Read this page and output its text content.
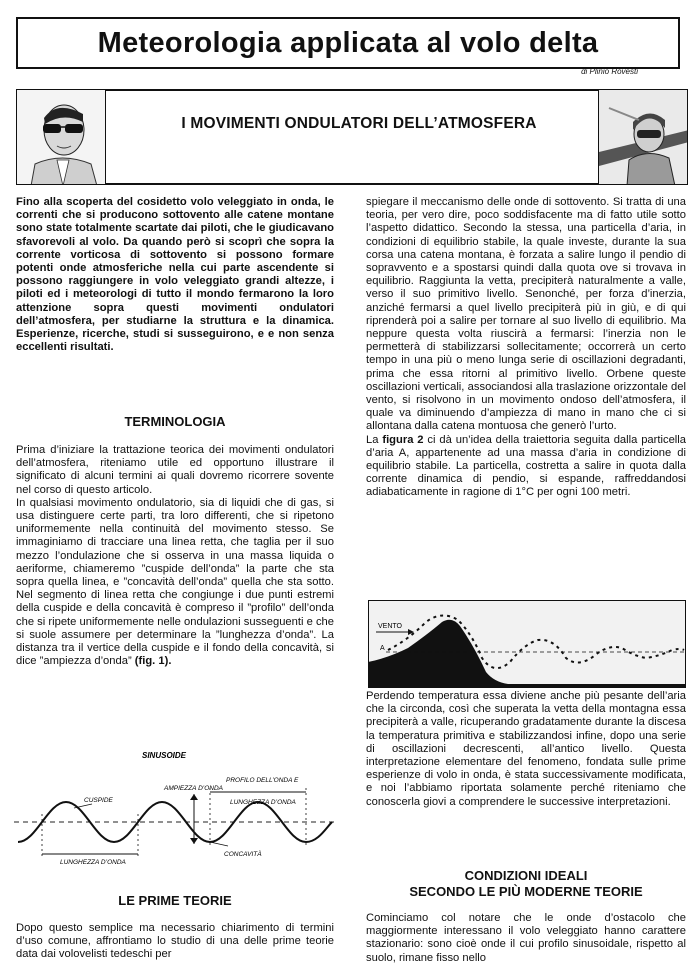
Meteorologia applicata al volo delta
di Plinio Rovesti
I MOVIMENTI ONDULATORI DELL’ATMOSFERA

Fino alla scoperta del cosidetto volo veleggiato in onda, le correnti che si producono sottovento alle catene montane sono state totalmente scartate dai piloti, che le giudicavano sfavorevoli al volo. Da quando però si scoprì che sopra la corrente vorticosa di sottovento si possono formare potenti onde atmosferiche nella cui parte ascendente si possono raggiungere in volo veleggiato grandi altezze, i piloti ed i meteorologi di tutto il mondo fermarono la loro attenzione sopra questi movimenti ondulatori dell’atmosfera, per studiarne la struttura e la dinamica. Esperienze, ricerche, studi si susseguirono, e e non senza eccellenti risultati.

TERMINOLOGIA

Prima d’iniziare la trattazione teorica dei movimenti ondulatori dell’atmosfera, riteniamo utile ed opportuno illustrare il significato di alcuni termini ai quali dovremo ricorrere sovente nel corso di questo articolo.

In qualsiasi movimento ondulatorio, sia di liquidi che di gas, si usa distinguere certe parti, tra loro differenti, che si ripetono uniformemente nella continuità del movimento stesso. Se immaginiamo di tracciare una linea retta, che taglia per il suo mezzo l’ondulazione che si osserva in una massa liquida o aeriforme, chiameremo ”cuspide dell’onda” la parte che sta sopra quella linea, e ”concavità dell’onda” quella che sta sotto. Nel segmento di linea retta che congiunge i due punti estremi della cuspide e della concavità è compreso il ”profilo” dell’onda che si ripete uniformemente nelle ondulazioni susseguenti e che si suole assumere per determinare la ”lunghezza d’onda”. La distanza tra il vertice della cuspide e il fondo della concavità, si dice ”ampiezza d’onda” (fig. 1).

SINUSOIDE
AMPIEZZA D’ONDA
PROFILO DELL’ONDA E
LUNGHEZZA D’ONDA
CUSPIDE
LUNGHEZZA D’ONDA
CONCAVITÀ
LE PRIME TEORIE

Dopo questo semplice ma necessario chiarimento di termini d’uso comune, affrontiamo lo studio di una delle prime teorie data dai volovelisti tedeschi per

spiegare il meccanismo delle onde di sottovento. Si tratta di una teoria, per vero dire, poco soddisfacente ma di fatto utile sotto l’aspetto didattico. Secondo la stessa, una particella d’aria, in condizioni di equilibrio stabile, la quale investe, durante la sua corsa una catena montana, è forzata a salire lungo il pendio di sopravvento e a spostarsi quindi dalla quota ove si trovava in equilibrio. Raggiunta la vetta, precipiterà naturalmente a valle, verso il suo primitivo livello. Senonché, per forza d’inerzia, anziché fermarsi a quel livello precipiterà più in giù, e di qui riprenderà poi a salire per tornare al suo livello di equilibrio. Ma neppure questa volta riuscirà a fermarsi: l’inerzia non le permetterà di stabilizzarsi sollecitamente; occorrerà un certo tempo in una più o meno lunga serie di oscillazioni degradanti, prima che essa ritorni al primitivo livello. Orbene queste oscillazioni verticali, associandosi alla traslazione orizzontale del vento, si risolvono in un movimento ondoso dell’atmosfera, il quale va diminuendo d’ampiezza di mano in mano che ci si allontana dalla catena montuosa che generò l’urto.

La figura 2 ci dà un’idea della traiettoria seguita dalla particella d’aria A, appartenente ad una massa d’aria in condizione di equilibrio stabile. La particella, costretta a salire in quota dalla corrente dinamica di pendio, si espande, raffreddandosi adiabaticamente in ragione di 1°C per ogni 100 metri.

VENTO
A

Perdendo temperatura essa diviene anche più pesante dell’aria che la circonda, così che superata la vetta della montagna essa precipiterà a valle, ricuperando gradatamente durante la discesa la temperatura primitiva e stabilizzandosi infine, dopo una serie di oscillazioni decrescenti, all’antico livello. Questa interpretazione elementare del fenomeno, fondata sulle prime esperienze di volo in onda, è stata successivamente modificata, e noi l’abbiamo riportata solamente perché riteniamo che conoscerla giovi a comprendere le successive interpretazioni.

CONDIZIONI IDEALI
SECONDO LE PIÙ MODERNE TEORIE

Cominciamo col notare che le onde d’ostacolo che maggiormente interessano il volo veleggiato hanno carattere stazionario: sono cioè onde il cui profilo sinusoidale, rispetto al suolo, rimane fisso nello
